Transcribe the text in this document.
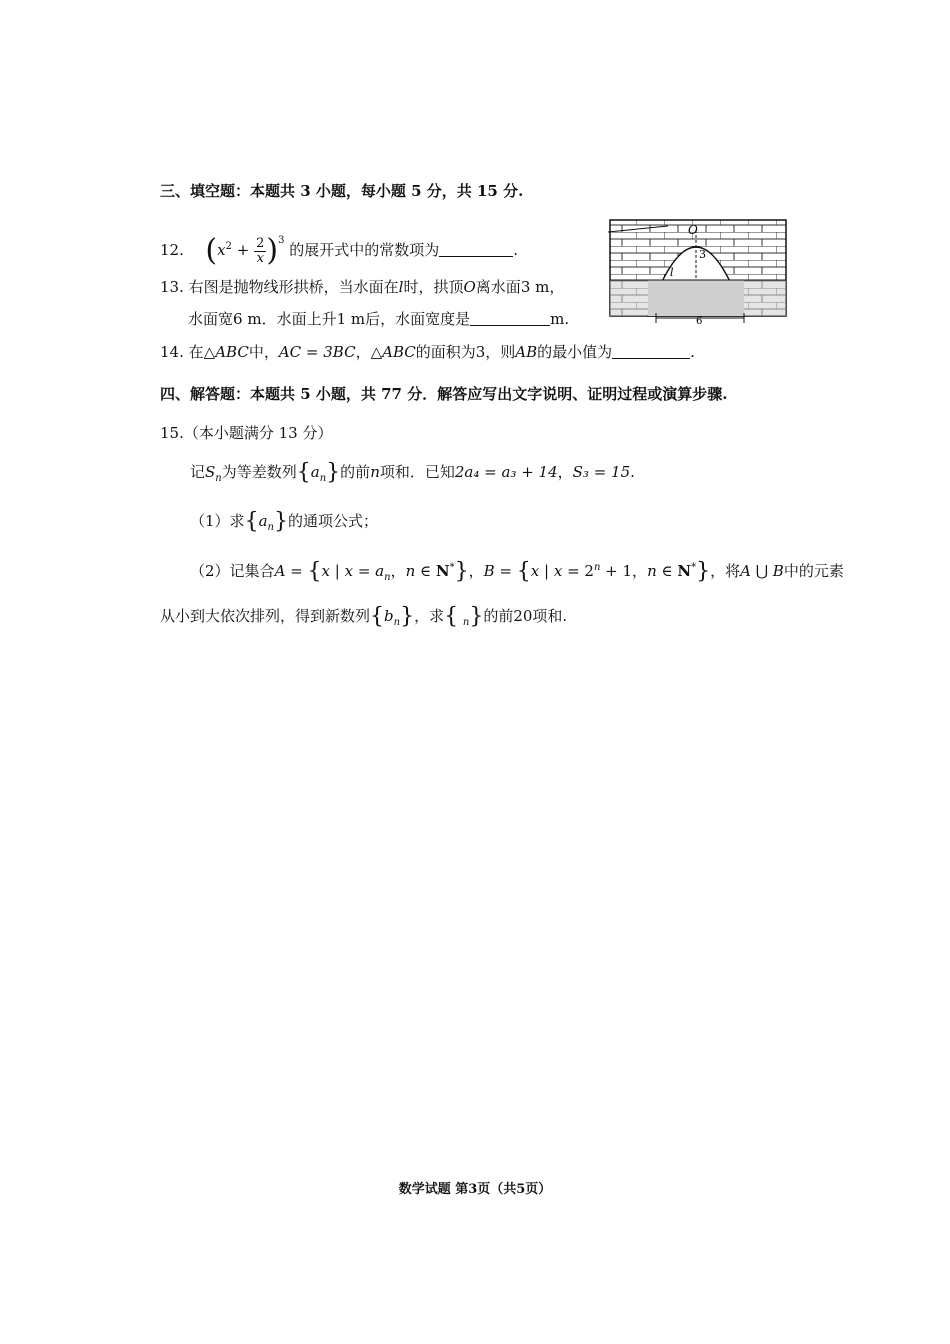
三、填空题：本题共 3 小题，每小题 5 分，共 15 分.
12. $(x^2 + \frac{2}{x} )^3$ 的展开式中的常数项为	.
13. 右图是抛物线形拱桥，当水面在l时，拱顶O离水面3 m，
水面宽6 m．水面上升1 m后，水面宽度是	m.
14. 在△ABC中，AC = 3BC，△ABC的面积为3，则AB的最小值为	.
四、解答题：本题共 5 小题，共 77 分．解答应写出文字说明、证明过程或演算步骤.
15.（本小题满分 13 分）
记$S_n$为等差数列$\{a_n\}$的前n项和．已知2a₄ = a₃ + 14，S₃ = 15.
（1）求$\{a_n\}$的通项公式；
（2）记集合A = {x | $x = a_n$，n ∈ N*}，B = {x | $x = 2^n + 1$，n ∈ N*}，将A ⋃ B中的元素
从小到大依次排列，得到新数列$\{b_n\}$，求{ $_n$}的前20项和.
O
3
l
6
数学试题 第3页（共5页）
